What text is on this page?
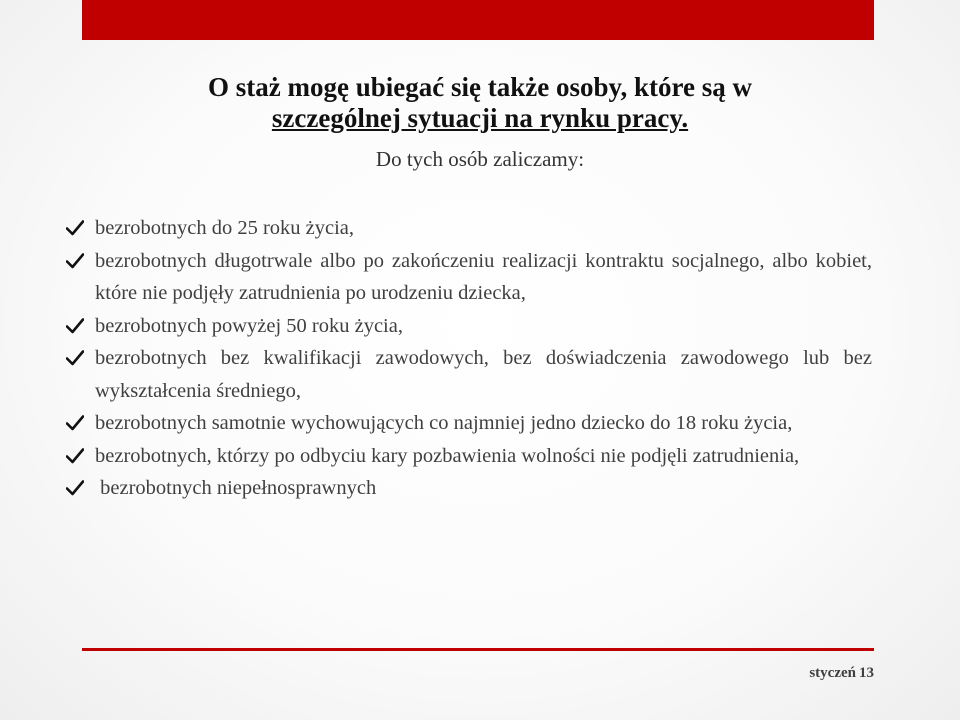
O staż mogę ubiegać się także osoby, które są w
szczególnej sytuacji na rynku pracy.
Do tych osób zaliczamy:
bezrobotnych do 25 roku życia,
bezrobotnych długotrwale albo po zakończeniu realizacji kontraktu socjalnego, albo kobiet, które nie podjęły zatrudnienia po urodzeniu dziecka,
bezrobotnych powyżej 50 roku życia,
bezrobotnych bez kwalifikacji zawodowych, bez doświadczenia zawodowego lub bez wykształcenia średniego,
bezrobotnych samotnie wychowujących co najmniej jedno dziecko do 18 roku życia,
bezrobotnych, którzy po odbyciu kary pozbawienia wolności nie podjęli zatrudnienia,
bezrobotnych niepełnosprawnych
styczeń 13
